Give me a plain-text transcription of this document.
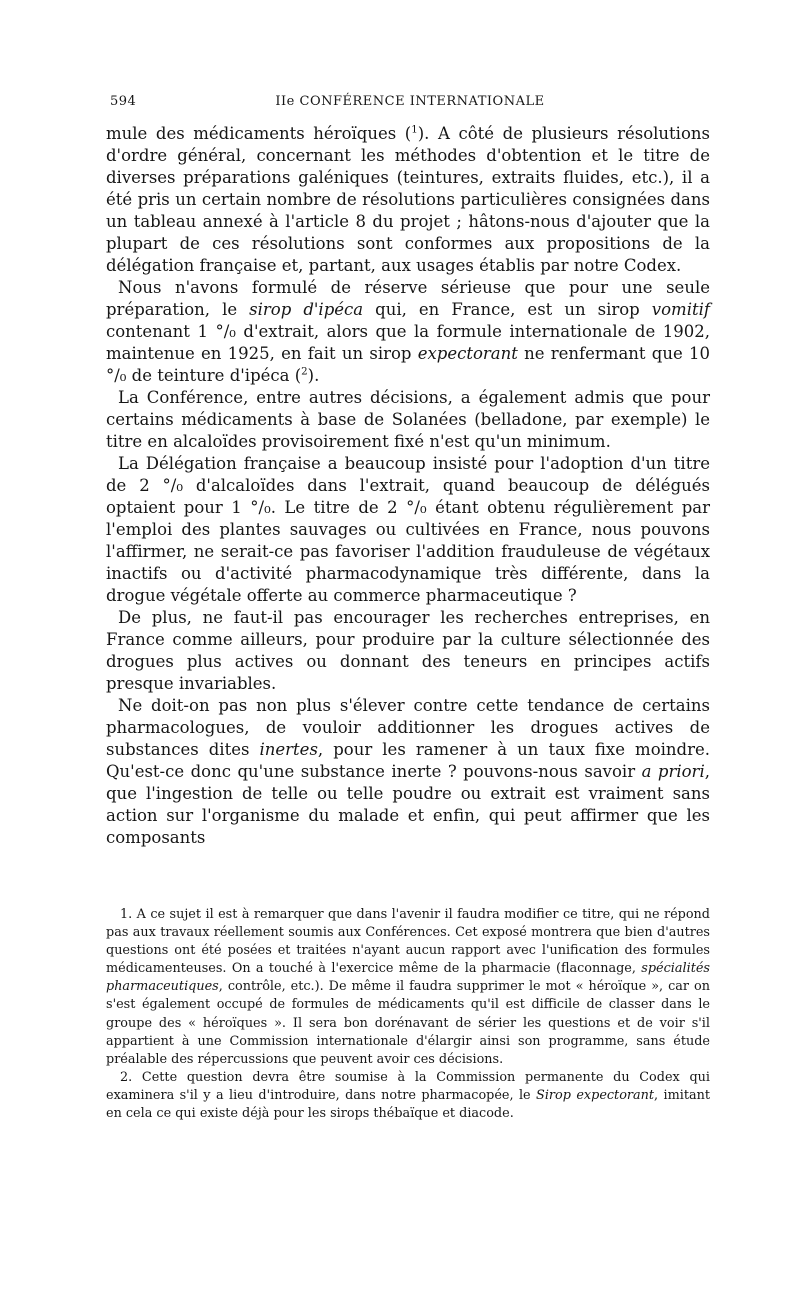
594	IIe CONFÉRENCE INTERNATIONALE

mule des médicaments héroïques ($^1$). A côté de plusieurs résolutions d'ordre général, concernant les méthodes d'obtention et le titre de diverses préparations galéniques (teintures, extraits fluides, etc.), il a été pris un certain nombre de résolutions particulières consignées dans un tableau annexé à l'article 8 du projet ; hâtons-nous d'ajouter que la plupart de ces résolutions sont conformes aux propositions de la délégation française et, partant, aux usages établis par notre Codex.

Nous n'avons formulé de réserve sérieuse que pour une seule préparation, le sirop d'ipéca qui, en France, est un sirop vomitif contenant 1 °/₀ d'extrait, alors que la formule internationale de 1902, maintenue en 1925, en fait un sirop expectorant ne renfermant que 10 °/₀ de teinture d'ipéca ($^2$).

La Conférence, entre autres décisions, a également admis que pour certains médicaments à base de Solanées (belladone, par exemple) le titre en alcaloïdes provisoirement fixé n'est qu'un minimum.

La Délégation française a beaucoup insisté pour l'adoption d'un titre de 2 °/₀ d'alcaloïdes dans l'extrait, quand beaucoup de délégués optaient pour 1 °/₀. Le titre de 2 °/₀ étant obtenu régulièrement par l'emploi des plantes sauvages ou cultivées en France, nous pouvons l'affirmer, ne serait-ce pas favoriser l'addition frauduleuse de végétaux inactifs ou d'activité pharmacodynamique très différente, dans la drogue végétale offerte au commerce pharmaceutique ?

De plus, ne faut-il pas encourager les recherches entreprises, en France comme ailleurs, pour produire par la culture sélectionnée des drogues plus actives ou donnant des teneurs en principes actifs presque invariables.

Ne doit-on pas non plus s'élever contre cette tendance de certains pharmacologues, de vouloir additionner les drogues actives de substances dites inertes, pour les ramener à un taux fixe moindre. Qu'est-ce donc qu'une substance inerte ? pouvons-nous savoir a priori, que l'ingestion de telle ou telle poudre ou extrait est vraiment sans action sur l'organisme du malade et enfin, qui peut affirmer que les composants

1. A ce sujet il est à remarquer que dans l'avenir il faudra modifier ce titre, qui ne répond pas aux travaux réellement soumis aux Conférences. Cet exposé montrera que bien d'autres questions ont été posées et traitées n'ayant aucun rapport avec l'unification des formules médicamenteuses. On a touché à l'exercice même de la pharmacie (flaconnage, spécialités pharmaceutiques, contrôle, etc.). De même il faudra supprimer le mot « héroïque », car on s'est également occupé de formules de médicaments qu'il est difficile de classer dans le groupe des « héroïques ». Il sera bon dorénavant de sérier les questions et de voir s'il appartient à une Commission internationale d'élargir ainsi son programme, sans étude préalable des répercussions que peuvent avoir ces décisions.

2. Cette question devra être soumise à la Commission permanente du Codex qui examinera s'il y a lieu d'introduire, dans notre pharmacopée, le Sirop expectorant, imitant en cela ce qui existe déjà pour les sirops thébaïque et diacode.
